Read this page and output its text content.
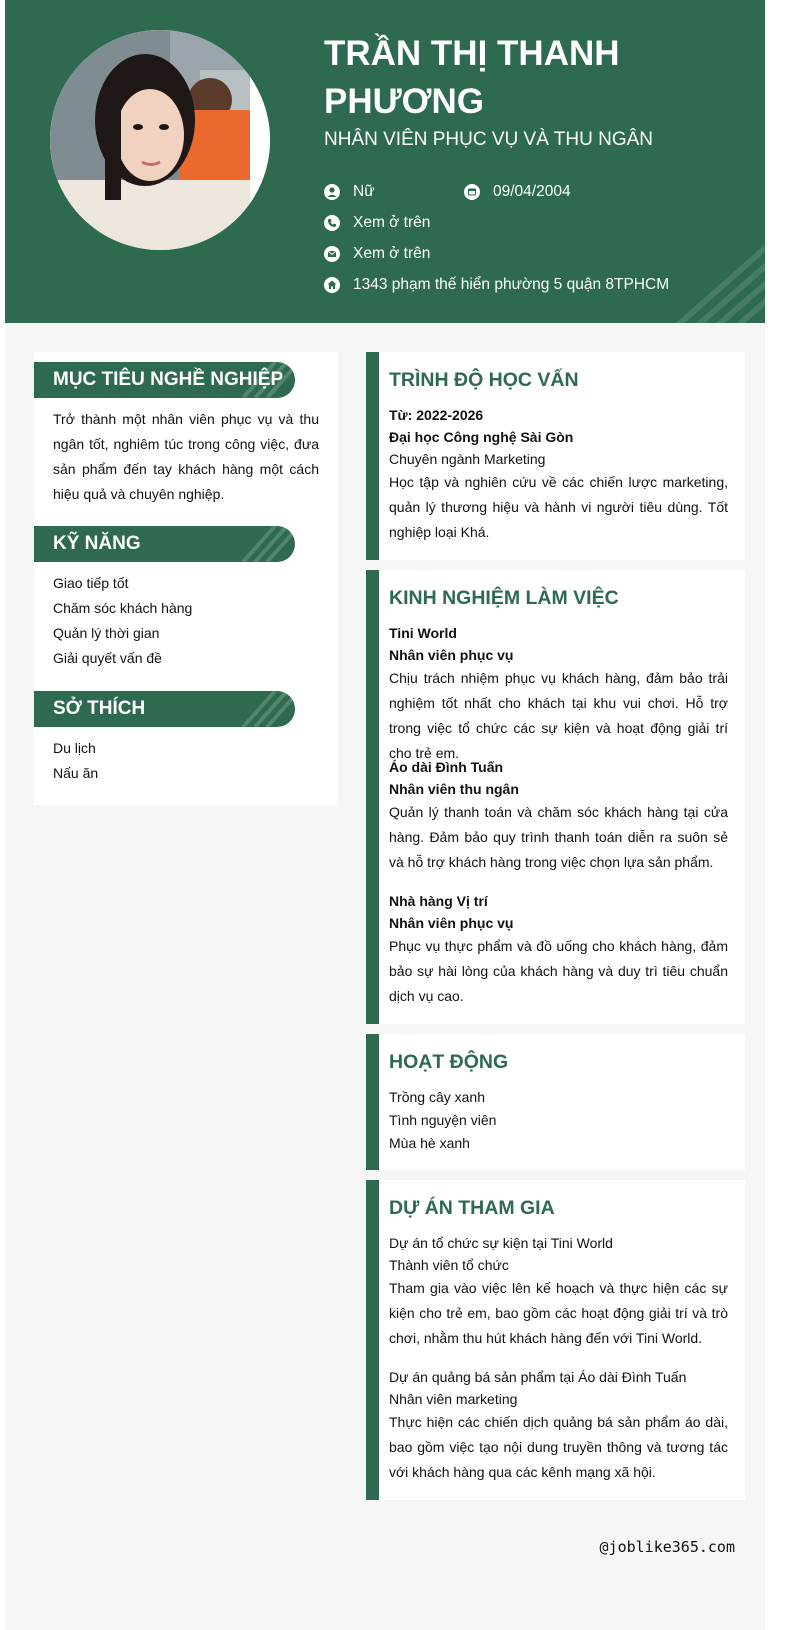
TRẦN THỊ THANH PHƯƠNG
NHÂN VIÊN PHỤC VỤ VÀ THU NGÂN
Nữ	09/04/2004
Xem ở trên
Xem ở trên
1343 phạm thế hiển phường 5 quận 8TPHCM
MỤC TIÊU NGHỀ NGHIỆP
Trở thành một nhân viên phục vụ và thu ngân tốt, nghiêm túc trong công việc, đưa sản phẩm đến tay khách hàng một cách hiệu quả và chuyên nghiệp.
KỸ NĂNG
Giao tiếp tốt
Chăm sóc khách hàng
Quản lý thời gian
Giải quyết vấn đề
SỞ THÍCH
Du lịch
Nấu ăn
TRÌNH ĐỘ HỌC VẤN
Từ: 2022-2026
Đại học Công nghệ Sài Gòn
Chuyên ngành Marketing
Học tập và nghiên cứu về các chiến lược marketing, quản lý thương hiệu và hành vi người tiêu dùng. Tốt nghiệp loại Khá.
KINH NGHIỆM LÀM VIỆC
Tini World
Nhân viên phục vụ
Chịu trách nhiệm phục vụ khách hàng, đảm bảo trải nghiệm tốt nhất cho khách tại khu vui chơi. Hỗ trợ trong việc tổ chức các sự kiện và hoạt động giải trí cho trẻ em.
Áo dài Đình Tuấn
Nhân viên thu ngân
Quản lý thanh toán và chăm sóc khách hàng tại cửa hàng. Đảm bảo quy trình thanh toán diễn ra suôn sẻ và hỗ trợ khách hàng trong việc chọn lựa sản phẩm.
Nhà hàng Vị trí
Nhân viên phục vụ
Phục vụ thực phẩm và đồ uống cho khách hàng, đảm bảo sự hài lòng của khách hàng và duy trì tiêu chuẩn dịch vụ cao.
HOẠT ĐỘNG
Trồng cây xanh
Tình nguyện viên
Mùa hè xanh
DỰ ÁN THAM GIA
Dự án tổ chức sự kiện tại Tini World
Thành viên tổ chức
Tham gia vào việc lên kế hoạch và thực hiện các sự kiện cho trẻ em, bao gồm các hoạt động giải trí và trò chơi, nhằm thu hút khách hàng đến với Tini World.
Dự án quảng bá sản phẩm tại Áo dài Đình Tuấn
Nhân viên marketing
Thực hiện các chiến dịch quảng bá sản phẩm áo dài, bao gồm việc tạo nội dung truyền thông và tương tác với khách hàng qua các kênh mạng xã hội.
@joblike365.com
